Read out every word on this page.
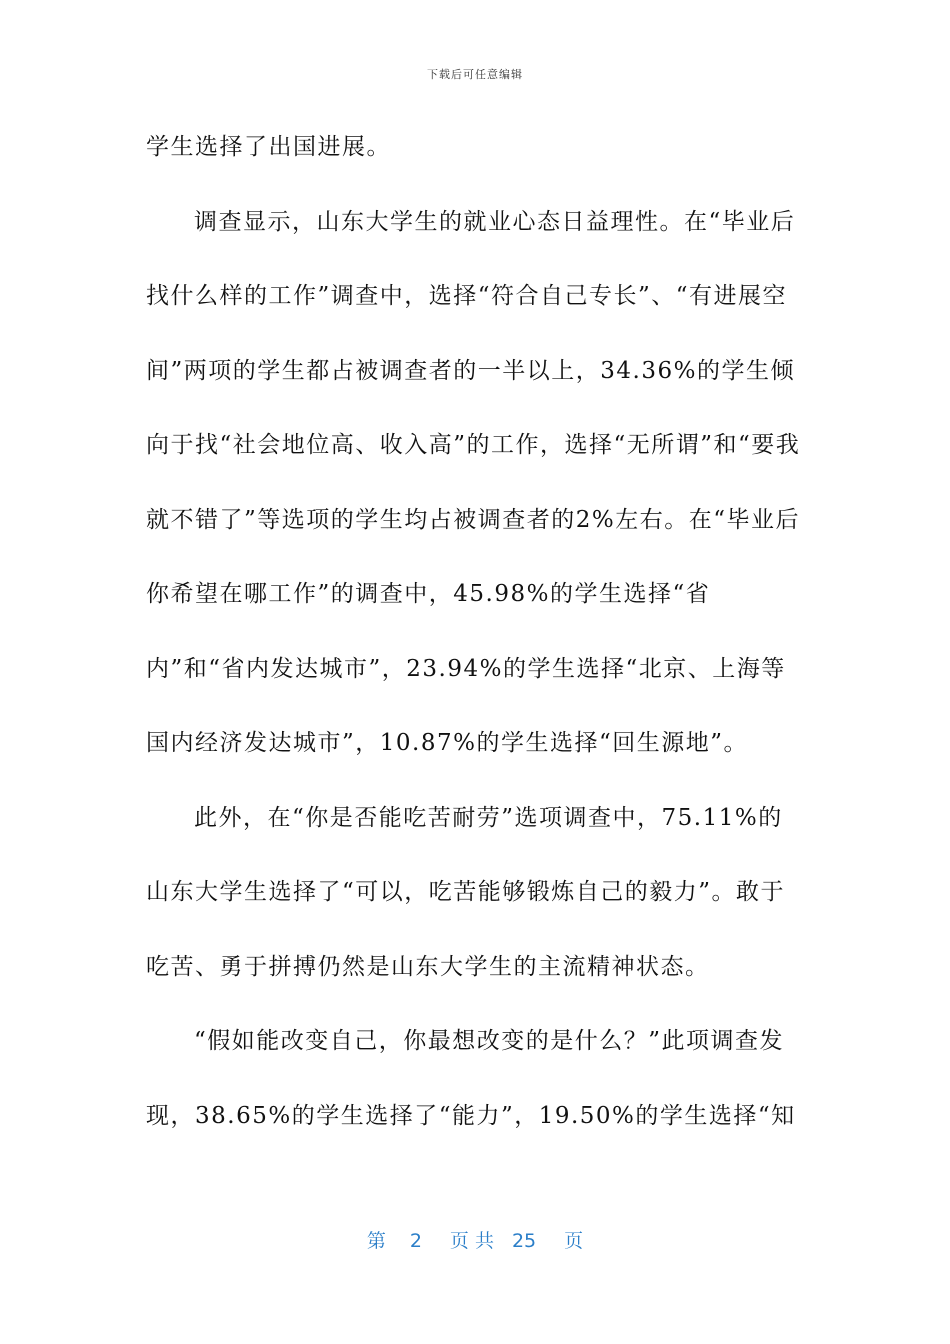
下载后可任意编辑

学生选择了出国进展。

调查显示，山东大学生的就业心态日益理性。在“毕业后找什么样的工作”调查中，选择“符合自己专长”、“有进展空间”两项的学生都占被调查者的一半以上，34.36%的学生倾向于找“社会地位高、收入高”的工作，选择“无所谓”和“要我就不错了”等选项的学生均占被调查者的2%左右。在“毕业后你希望在哪工作”的调查中，45.98%的学生选择“省内”和“省内发达城市”，23.94%的学生选择“北京、上海等国内经济发达城市”，10.87%的学生选择“回生源地”。

此外，在“你是否能吃苦耐劳”选项调查中，75.11%的山东大学生选择了“可以，吃苦能够锻炼自己的毅力”。敢于吃苦、勇于拼搏仍然是山东大学生的主流精神状态。

“假如能改变自己，你最想改变的是什么？”此项调查发现，38.65%的学生选择了“能力”，19.50%的学生选择“知

第 2 页 共 25 页
